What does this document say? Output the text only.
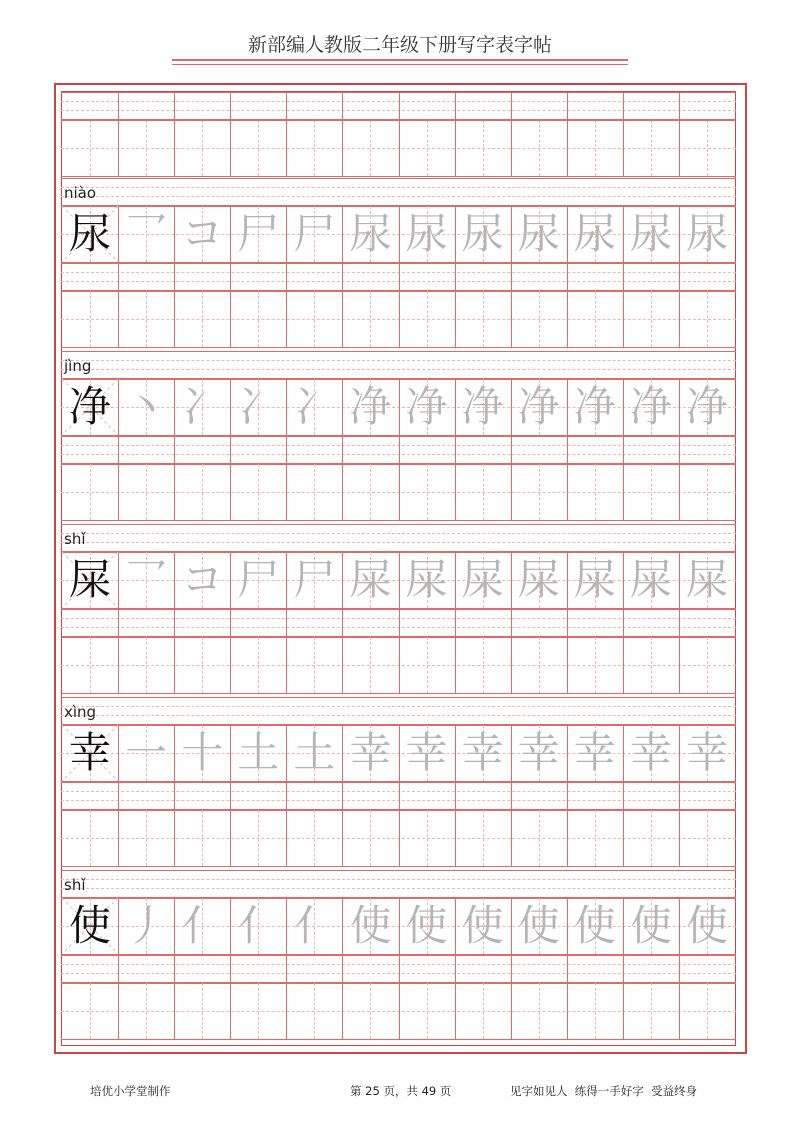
新部编人教版二年级下册写字表字帖
niào
尿 乛 コ 尸 尸 尿 尿 尿 尿 尿 尿 尿
jìng
净 丶 冫 冫 冫 净 净 净 净 净 净 净
shǐ
屎 乛 コ 尸 尸 屎 屎 屎 屎 屎 屎 屎
xìng
幸 一 十 土 土 幸 幸 幸 幸 幸 幸 幸
shǐ
使 丿 亻 亻 亻 使 使 使 使 使 使 使
培优小学堂制作	第 25 页，共 49 页	见字如见人  练得一手好字  受益终身
